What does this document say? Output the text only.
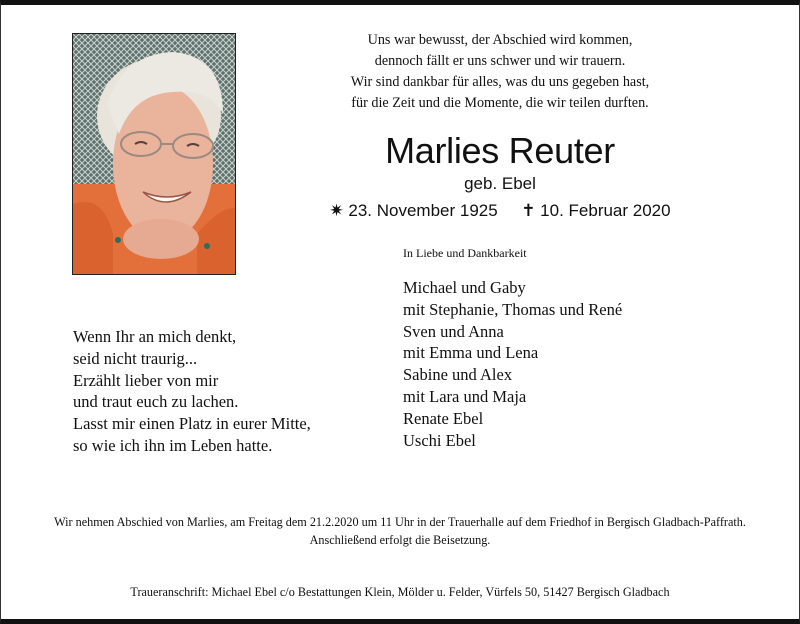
Uns war bewusst, der Abschied wird kommen,
dennoch fällt er uns schwer und wir trauern.
Wir sind dankbar für alles, was du uns gegeben hast,
für die Zeit und die Momente, die wir teilen durften.
Marlies Reuter
geb. Ebel
✷ 23. November 1925 ✝ 10. Februar 2020
In Liebe und Dankbarkeit
Michael und Gaby
mit Stephanie, Thomas und René
Sven und Anna
mit Emma und Lena
Sabine und Alex
mit Lara und Maja
Renate Ebel
Uschi Ebel
Wenn Ihr an mich denkt,
seid nicht traurig...
Erzählt lieber von mir
und traut euch zu lachen.
Lasst mir einen Platz in eurer Mitte,
so wie ich ihn im Leben hatte.
Wir nehmen Abschied von Marlies, am Freitag dem 21.2.2020 um 11 Uhr in der Trauerhalle auf dem Friedhof in Bergisch Gladbach-Paffrath. Anschließend erfolgt die Beisetzung.
Traueranschrift: Michael Ebel c/o Bestattungen Klein, Mölder u. Felder, Vürfels 50, 51427 Bergisch Gladbach
